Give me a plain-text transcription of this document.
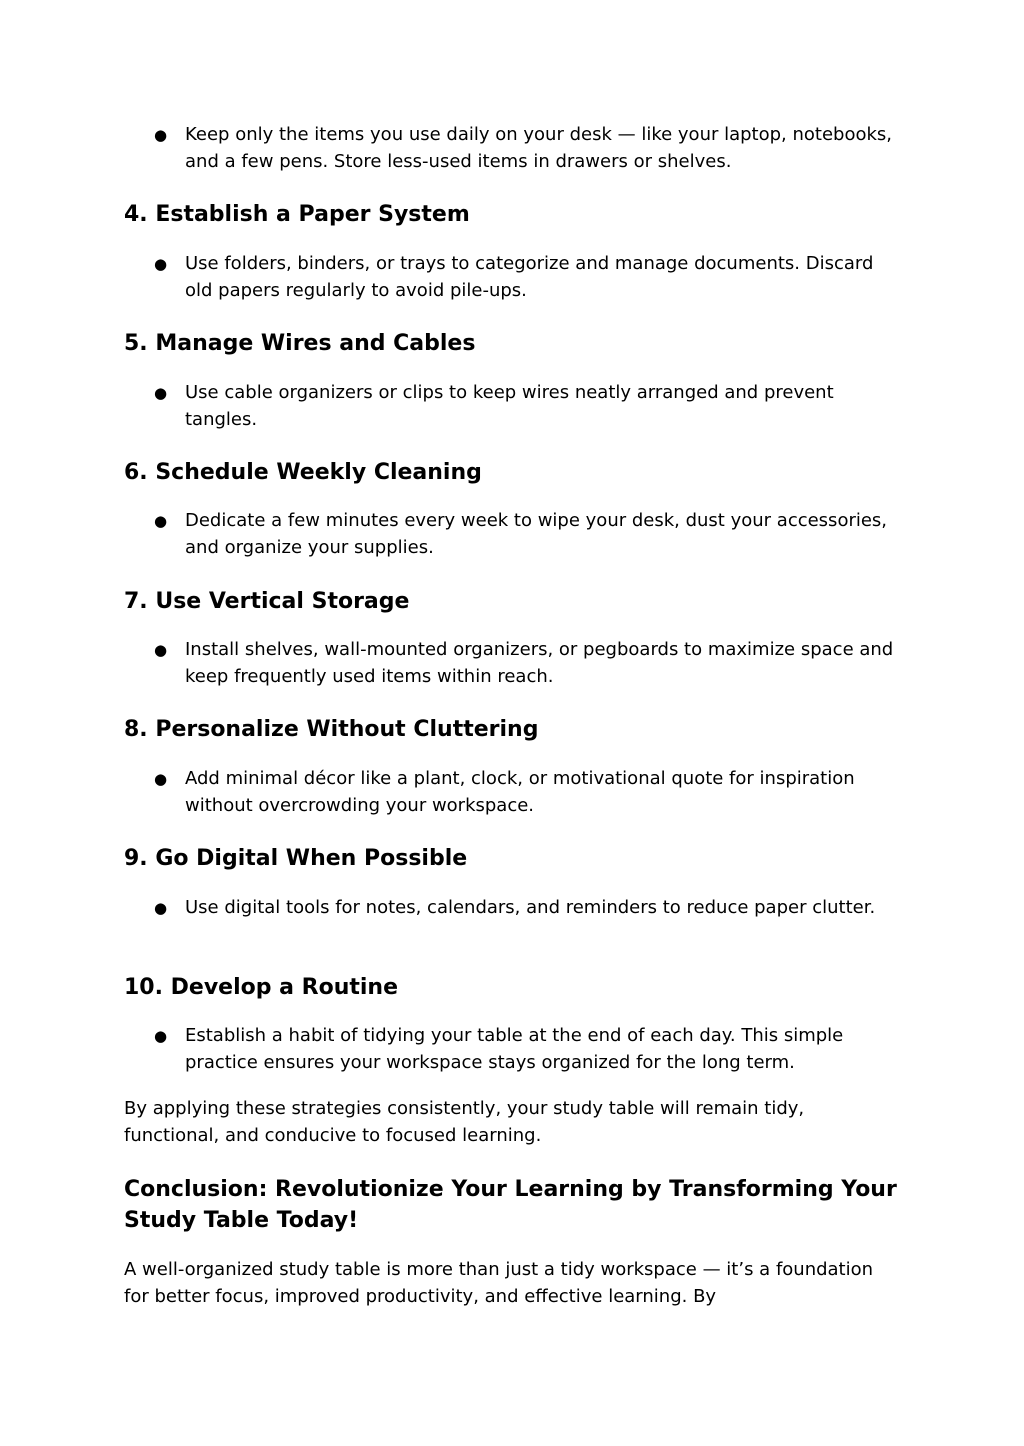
● Keep only the items you use daily on your desk — like your laptop, notebooks, and a few pens. Store less-used items in drawers or shelves.
4. Establish a Paper System
● Use folders, binders, or trays to categorize and manage documents. Discard old papers regularly to avoid pile-ups.
5. Manage Wires and Cables
● Use cable organizers or clips to keep wires neatly arranged and prevent tangles.
6. Schedule Weekly Cleaning
● Dedicate a few minutes every week to wipe your desk, dust your accessories, and organize your supplies.
7. Use Vertical Storage
● Install shelves, wall-mounted organizers, or pegboards to maximize space and keep frequently used items within reach.
8. Personalize Without Cluttering
● Add minimal décor like a plant, clock, or motivational quote for inspiration without overcrowding your workspace.
9. Go Digital When Possible
● Use digital tools for notes, calendars, and reminders to reduce paper clutter.
10. Develop a Routine
● Establish a habit of tidying your table at the end of each day. This simple practice ensures your workspace stays organized for the long term.

By applying these strategies consistently, your study table will remain tidy, functional, and conducive to focused learning.

Conclusion: Revolutionize Your Learning by Transforming Your Study Table Today!

A well-organized study table is more than just a tidy workspace — it’s a foundation for better focus, improved productivity, and effective learning. By
